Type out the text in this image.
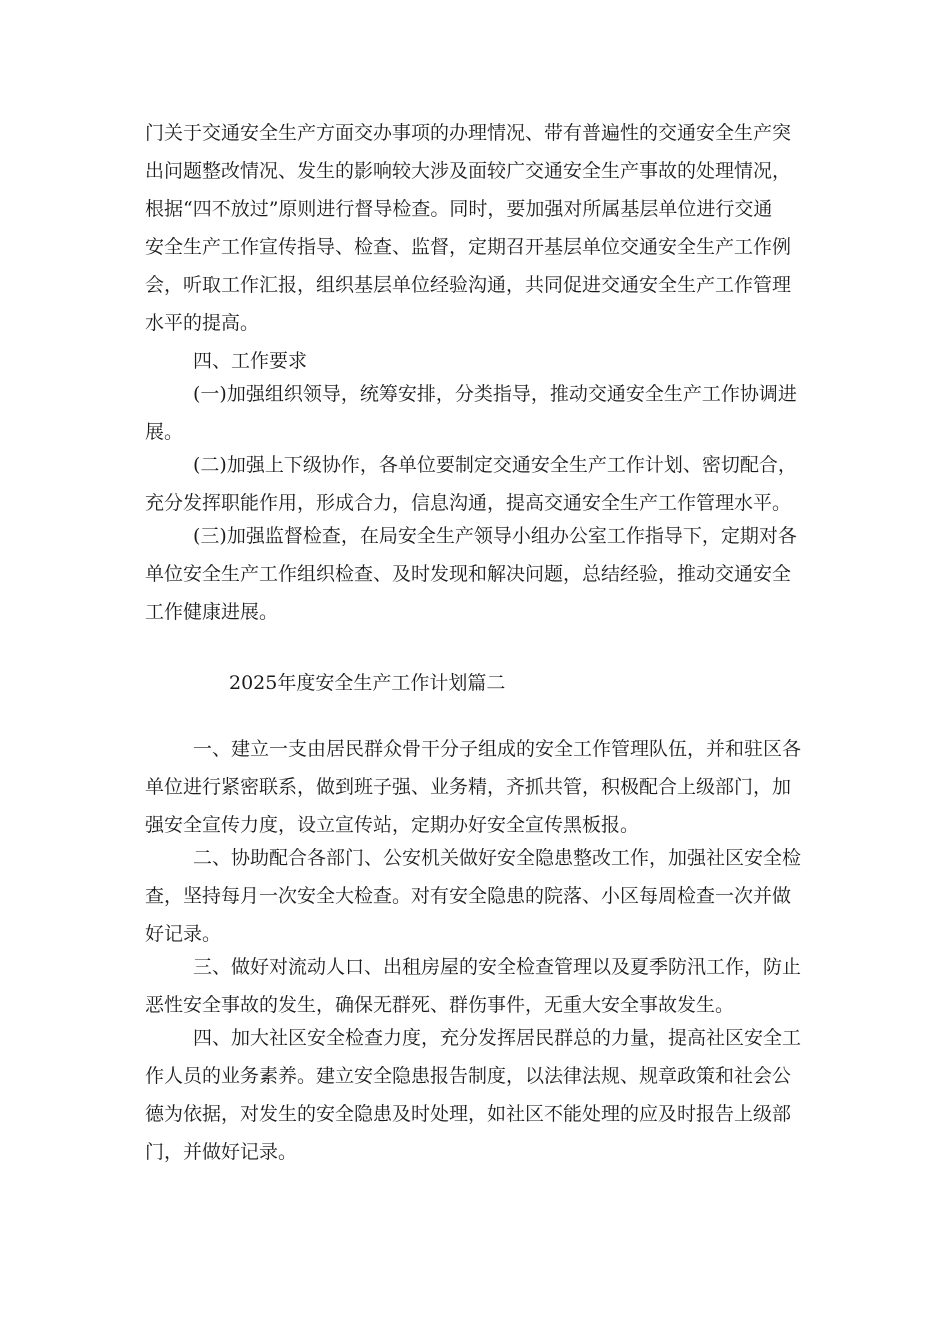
门关于交通安全生产方面交办事项的办理情况、带有普遍性的交通安全生产突
出问题整改情况、发生的影响较大涉及面较广交通安全生产事故的处理情况，
根据“四不放过”原则进行督导检查。同时，要加强对所属基层单位进行交通
安全生产工作宣传指导、检查、监督，定期召开基层单位交通安全生产工作例
会，听取工作汇报，组织基层单位经验沟通，共同促进交通安全生产工作管理
水平的提高。
四、工作要求
(一)加强组织领导，统筹安排，分类指导，推动交通安全生产工作协调进
展。
(二)加强上下级协作，各单位要制定交通安全生产工作计划、密切配合，
充分发挥职能作用，形成合力，信息沟通，提高交通安全生产工作管理水平。
(三)加强监督检查，在局安全生产领导小组办公室工作指导下，定期对各
单位安全生产工作组织检查、及时发现和解决问题，总结经验，推动交通安全
工作健康进展。
2025年度安全生产工作计划篇二
一、建立一支由居民群众骨干分子组成的安全工作管理队伍，并和驻区各
单位进行紧密联系，做到班子强、业务精，齐抓共管，积极配合上级部门，加
强安全宣传力度，设立宣传站，定期办好安全宣传黑板报。
二、协助配合各部门、公安机关做好安全隐患整改工作，加强社区安全检
查，坚持每月一次安全大检查。对有安全隐患的院落、小区每周检查一次并做
好记录。
三、做好对流动人口、出租房屋的安全检查管理以及夏季防汛工作，防止
恶性安全事故的发生，确保无群死、群伤事件，无重大安全事故发生。
四、加大社区安全检查力度，充分发挥居民群总的力量，提高社区安全工
作人员的业务素养。建立安全隐患报告制度，以法律法规、规章政策和社会公
德为依据，对发生的安全隐患及时处理，如社区不能处理的应及时报告上级部
门，并做好记录。
